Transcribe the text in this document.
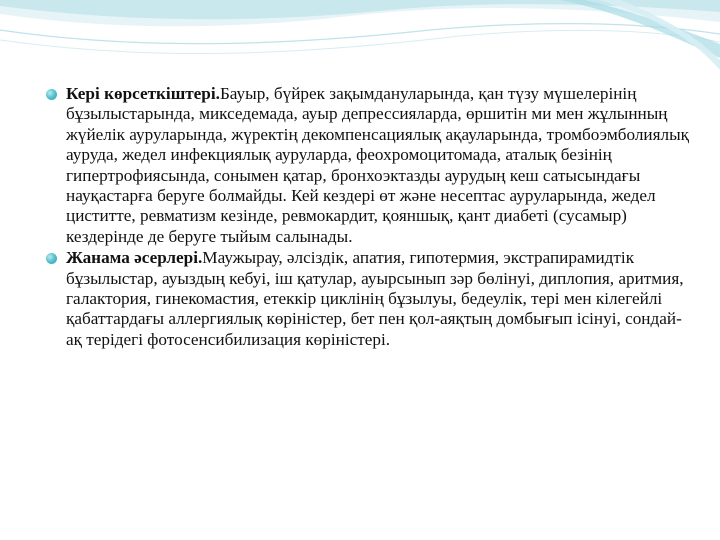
Кері көрсеткіштері.Бауыр, бүйрек зақымдануларында, қан түзу мүшелерінің бұзылыстарында, микседемада, ауыр депрессияларда, өршитін ми мен жұлынның жүйелік ауруларында, жүректің декомпенсациялық ақауларында, тромбоэмболиялық ауруда, жедел инфекциялық ауруларда, феохромоцитомада, аталық безінің гипертрофиясында, сонымен қатар, бронхоэктазды аурудың кеш сатысындағы науқастарға беруге болмайды. Кей кездері өт және несептас ауруларында, жедел циститте, ревматизм кезінде, ревмокардит, қояншық, қант диабеті (сусамыр) кездерінде де беруге тыйым салынады.
Жанама әсерлері.Маужырау, әлсіздік, апатия, гипотермия, экстрапирамидтік бұзылыстар, ауыздың кебуі, іш қатулар, ауырсынып зәр бөлінуі, диплопия, аритмия, галактория, гинекомастия, етеккір циклінің бұзылуы, бедеулік, тері мен кілегейлі қабаттардағы аллергиялық көріністер, бет пен қол-аяқтың домбығып ісінуі, сондай-ақ терідегі фотосенсибилизация көріністері.
